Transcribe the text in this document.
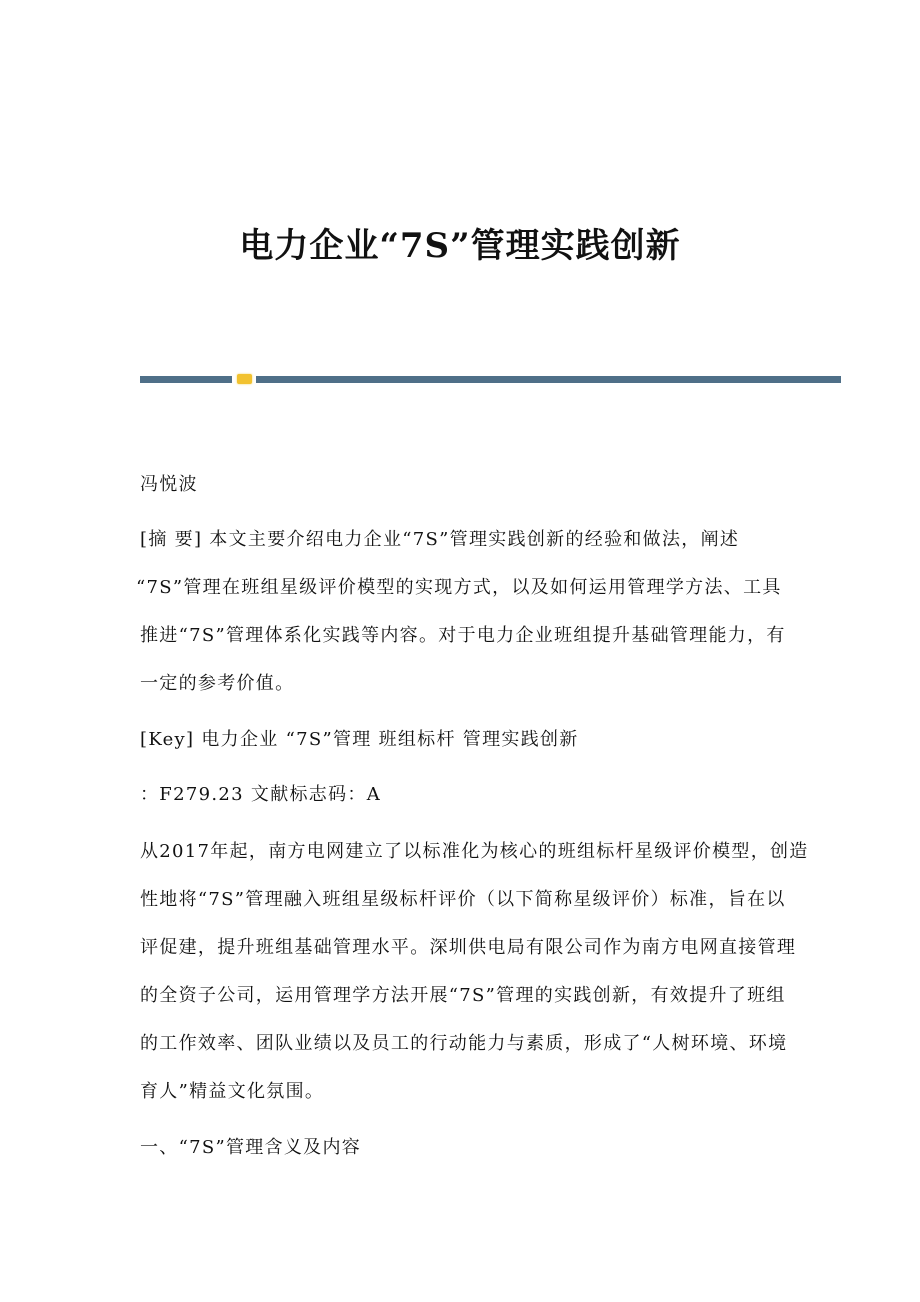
电力企业“7S”管理实践创新
冯悦波
[摘 要] 本文主要介绍电力企业“7S”管理实践创新的经验和做法，阐述
“7S”管理在班组星级评价模型的实现方式，以及如何运用管理学方法、工具
推进“7S”管理体系化实践等内容。对于电力企业班组提升基础管理能力，有
一定的参考价值。
[Key] 电力企业 “7S”管理 班组标杆 管理实践创新
：F279.23 文献标志码：A
从2017年起，南方电网建立了以标准化为核心的班组标杆星级评价模型，创造
性地将“7S”管理融入班组星级标杆评价（以下简称星级评价）标准，旨在以
评促建，提升班组基础管理水平。深圳供电局有限公司作为南方电网直接管理
的全资子公司，运用管理学方法开展“7S”管理的实践创新，有效提升了班组
的工作效率、团队业绩以及员工的行动能力与素质，形成了“人树环境、环境
育人”精益文化氛围。
一、“7S”管理含义及内容
